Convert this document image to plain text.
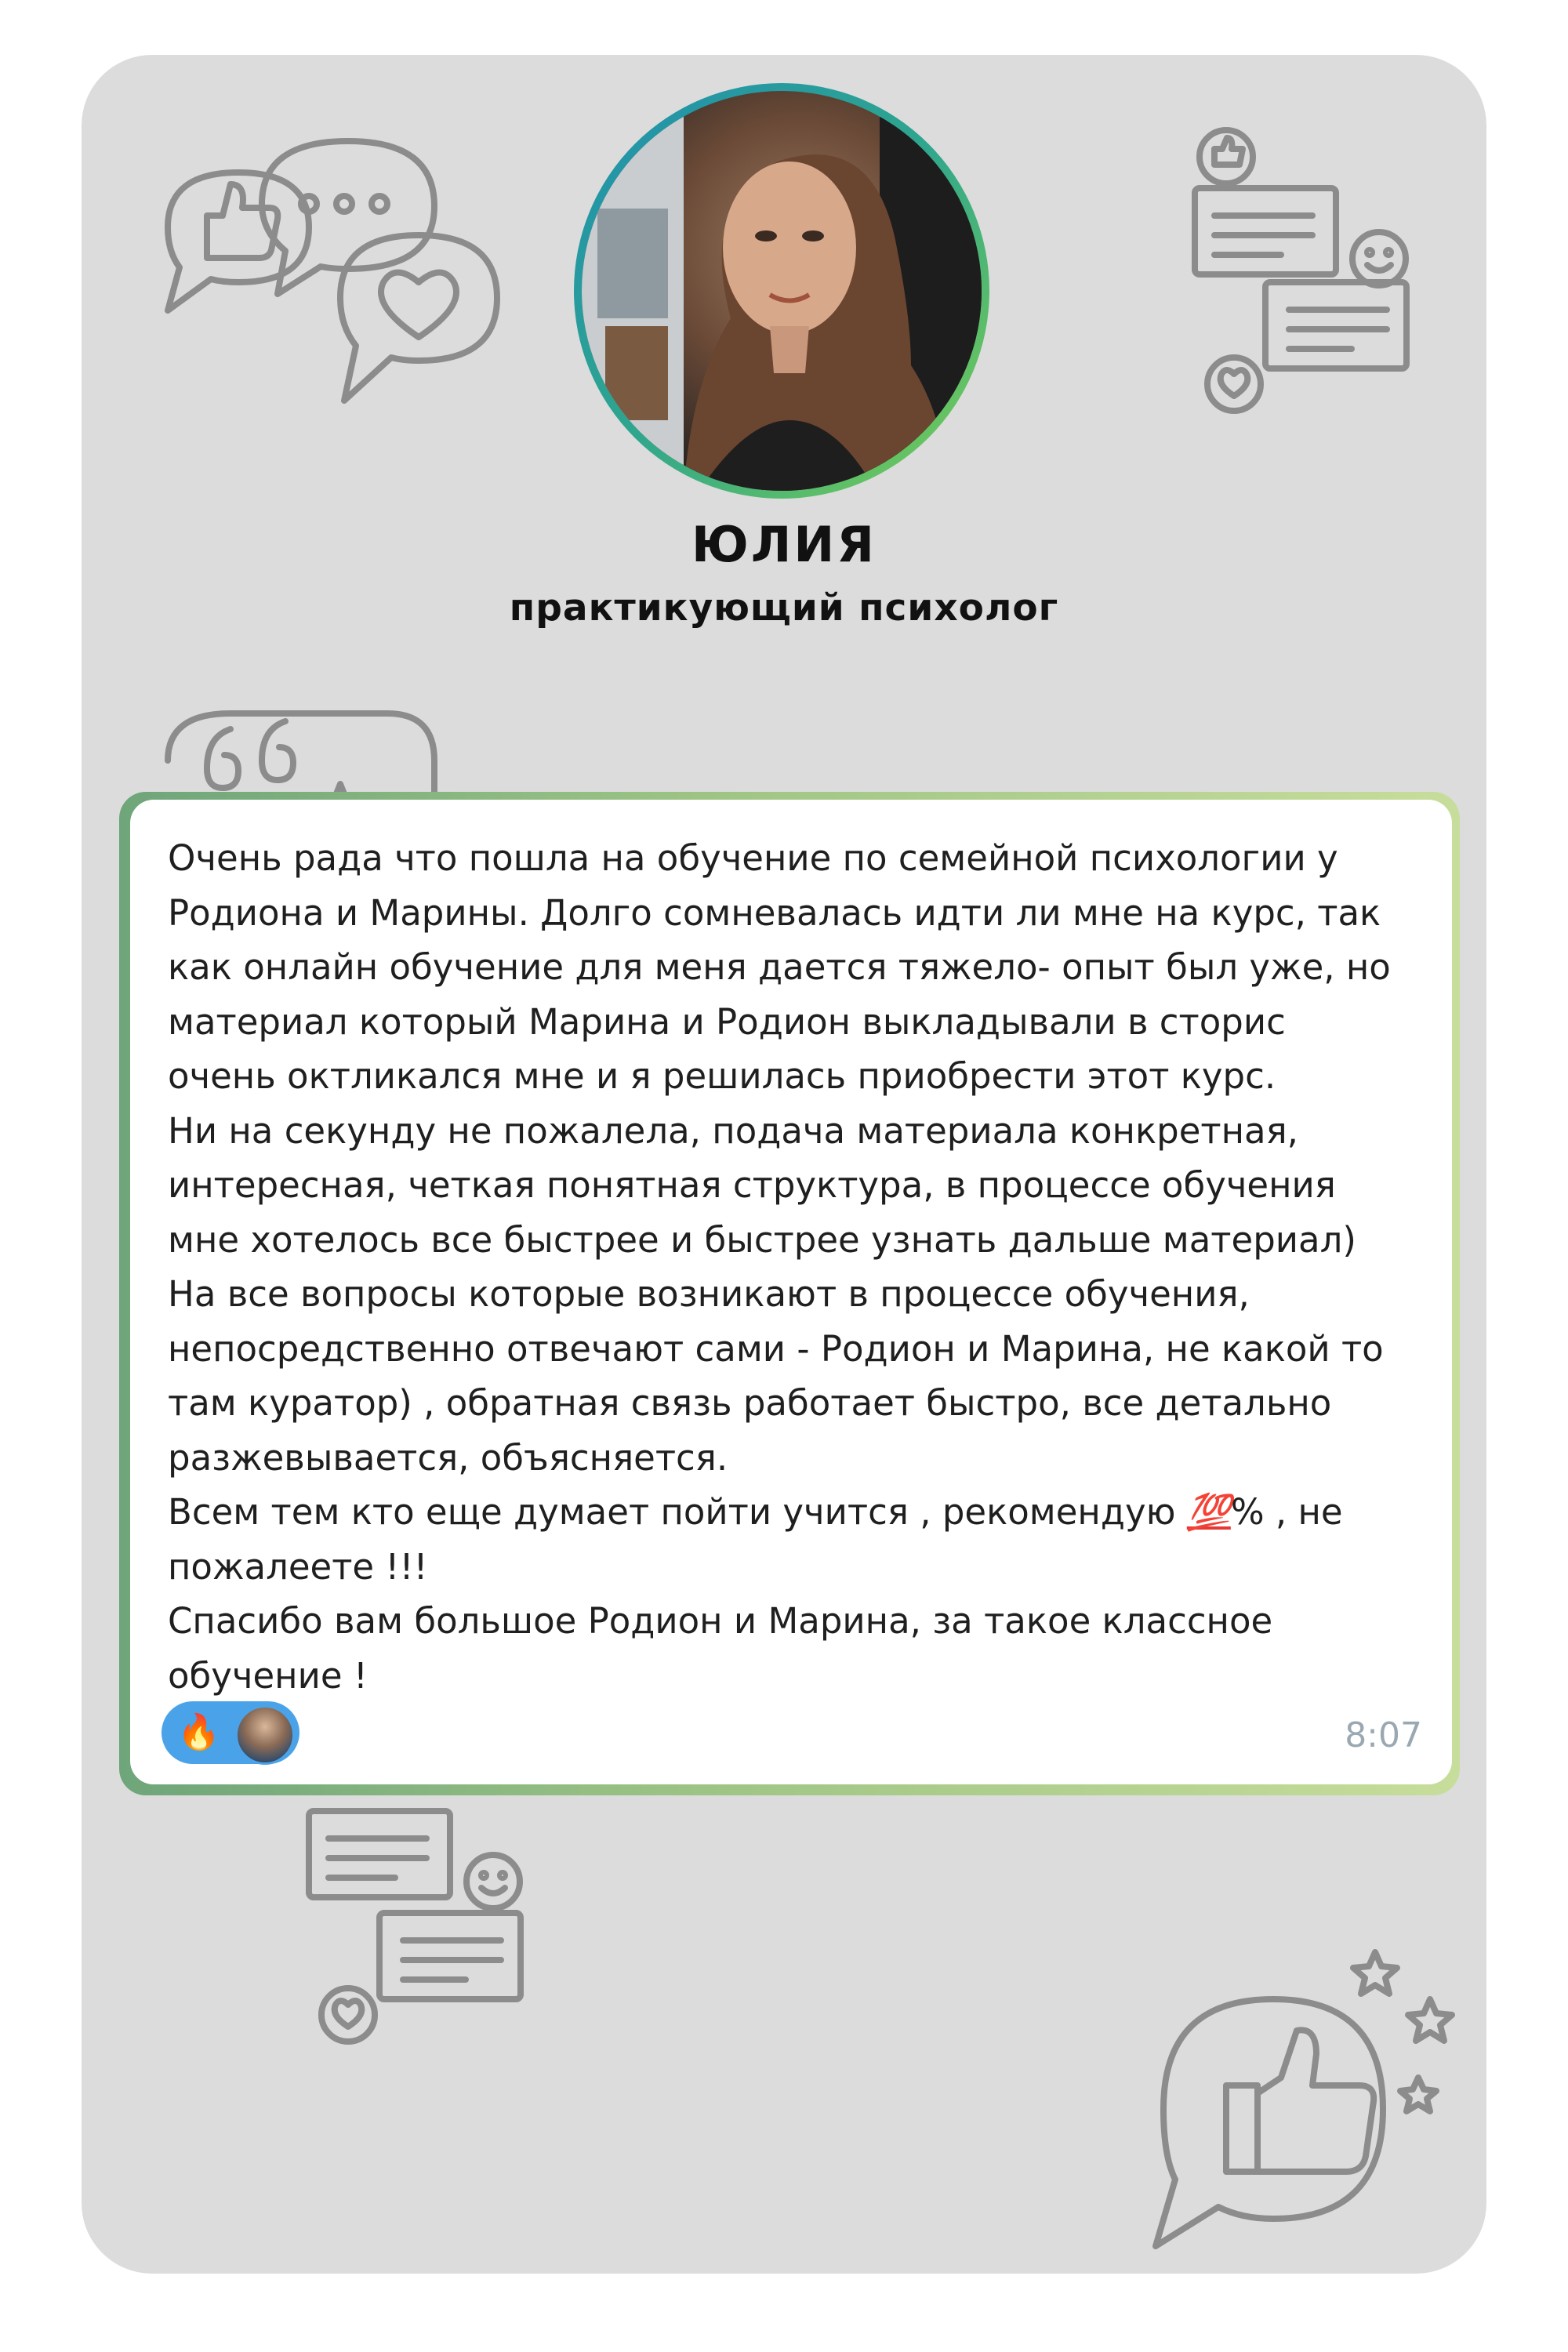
ЮЛИЯ
практикующий психолог
Очень рада что пошла на обучение по семейной психологии у
Родиона и Марины. Долго сомневалась идти ли мне на курс, так
как онлайн обучение для меня дается тяжело- опыт был уже, но
материал который Марина и Родион выкладывали в сторис
очень октликался мне и я решилась приобрести этот курс.
Ни на секунду не пожалела, подача материала конкретная,
интересная, четкая понятная структура, в процессе обучения
мне хотелось все быстрее и быстрее узнать дальше материал)
На все вопросы которые возникают в процессе обучения,
непосредственно отвечают сами - Родион и Марина, не какой то
там куратор) , обратная связь работает быстро, все детально
разжевывается, объясняется.
Всем тем кто еще думает пойти учится , рекомендую 💯% , не
пожалеете !!!
Спасибо вам большое Родион и Марина, за такое классное
обучение !
🔥	8:07
